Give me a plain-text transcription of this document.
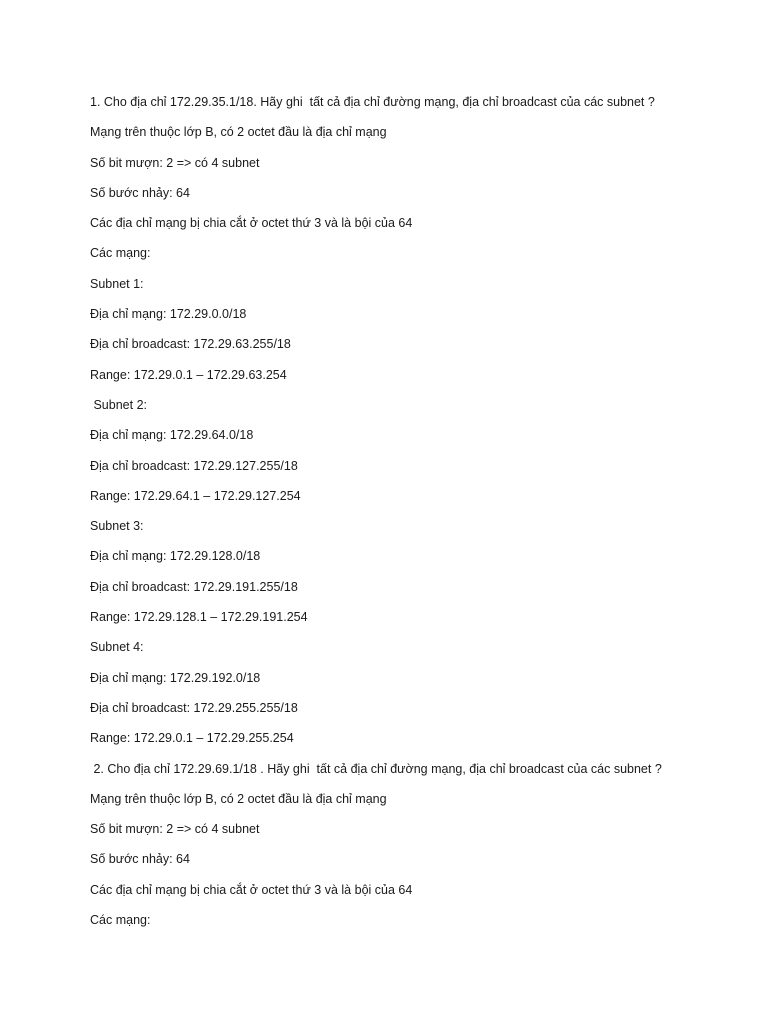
1. Cho địa chỉ 172.29.35.1/18. Hãy ghi  tất cả địa chỉ đường mạng, địa chỉ broadcast của các subnet ?
Mạng trên thuộc lớp B, có 2 octet đầu là địa chỉ mạng
Số bit mượn: 2 => có 4 subnet
Số bước nhảy: 64
Các địa chỉ mạng bị chia cắt ở octet thứ 3 và là bội của 64
Các mạng:
Subnet 1:
Địa chỉ mạng: 172.29.0.0/18
Địa chỉ broadcast: 172.29.63.255/18
Range: 172.29.0.1 – 172.29.63.254
Subnet 2:
Địa chỉ mạng: 172.29.64.0/18
Địa chỉ broadcast: 172.29.127.255/18
Range: 172.29.64.1 – 172.29.127.254
Subnet 3:
Địa chỉ mạng: 172.29.128.0/18
Địa chỉ broadcast: 172.29.191.255/18
Range: 172.29.128.1 – 172.29.191.254
Subnet 4:
Địa chỉ mạng: 172.29.192.0/18
Địa chỉ broadcast: 172.29.255.255/18
Range: 172.29.0.1 – 172.29.255.254
2. Cho địa chỉ 172.29.69.1/18 . Hãy ghi  tất cả địa chỉ đường mạng, địa chỉ broadcast của các subnet ?
Mạng trên thuộc lớp B, có 2 octet đầu là địa chỉ mạng
Số bit mượn: 2 => có 4 subnet
Số bước nhảy: 64
Các địa chỉ mạng bị chia cắt ở octet thứ 3 và là bội của 64
Các mạng:
